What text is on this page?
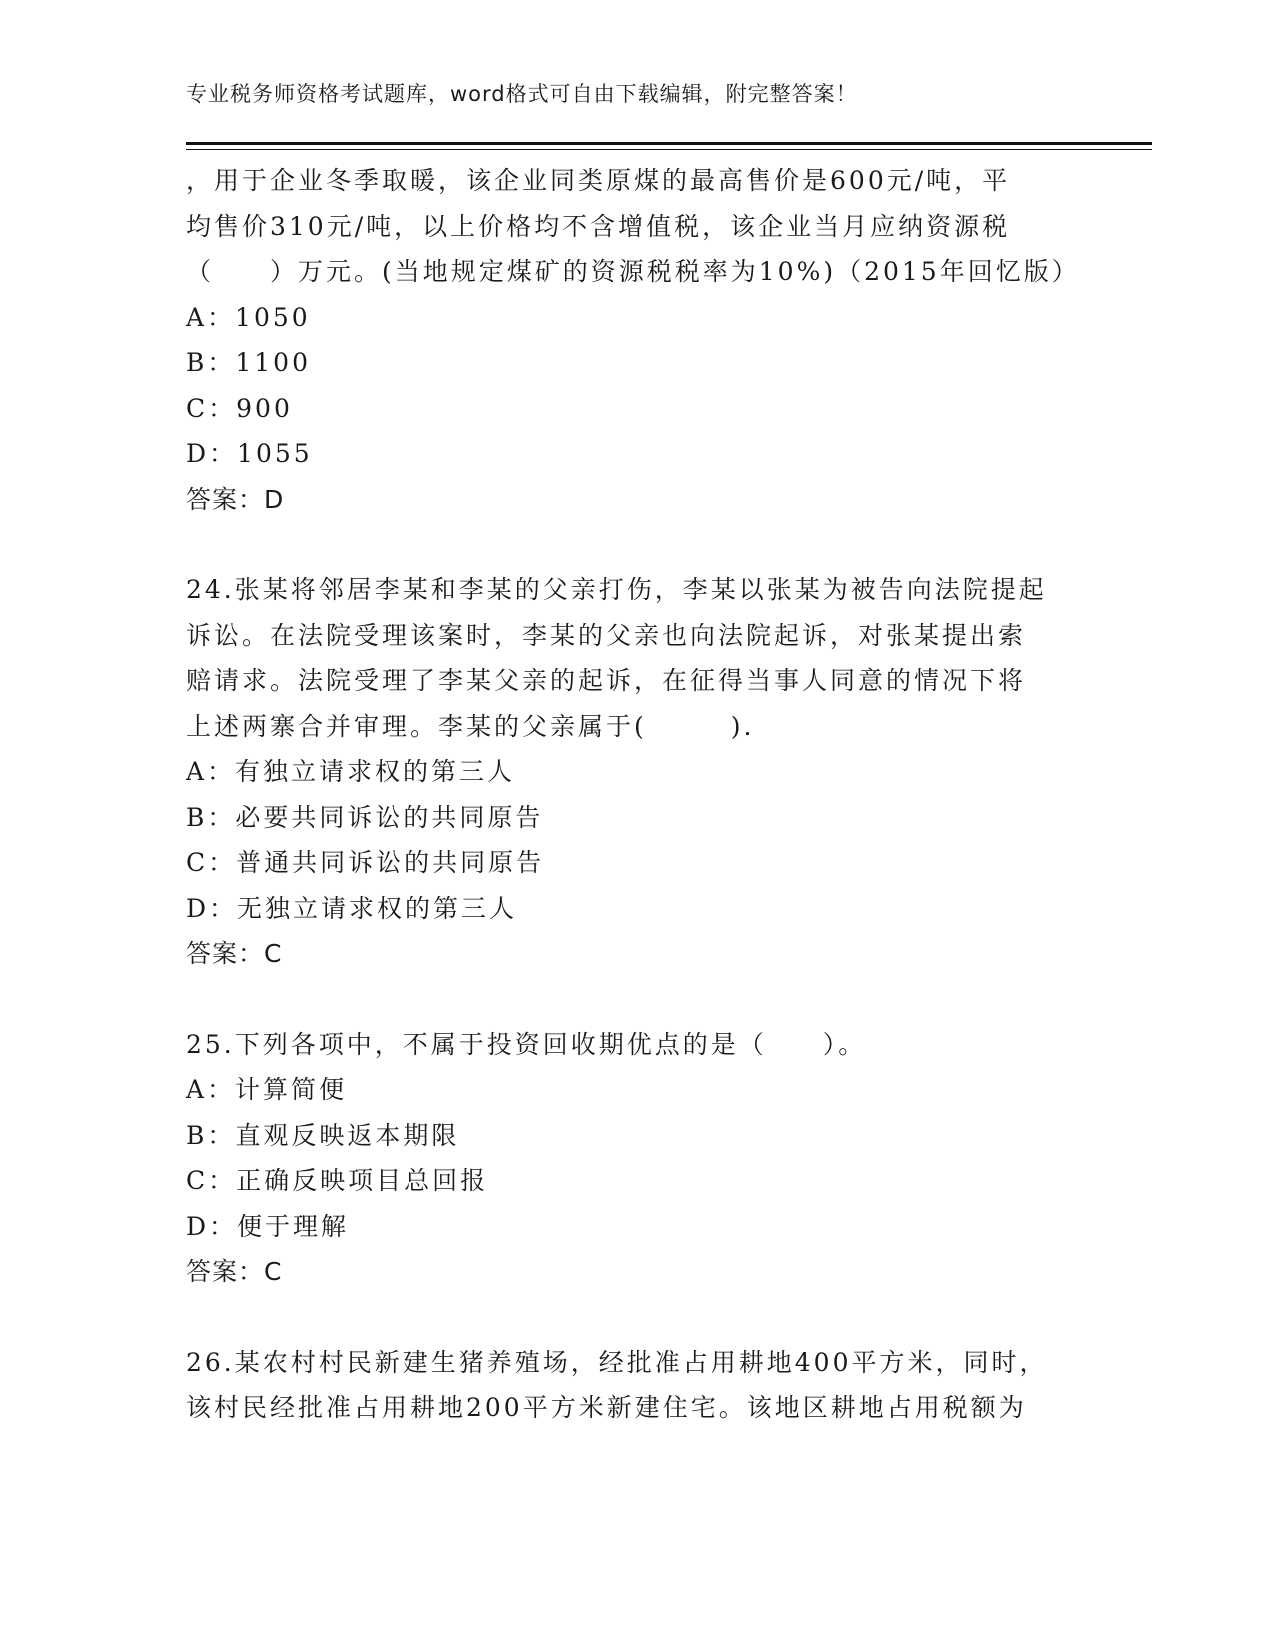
专业税务师资格考试题库，word格式可自由下载编辑，附完整答案！
，用于企业冬季取暖，该企业同类原煤的最高售价是600元/吨，平
均售价310元/吨，以上价格均不含增值税，该企业当月应纳资源税
（　　）万元。(当地规定煤矿的资源税税率为10%)（2015年回忆版）
A：1050
B：1100
C：900
D：1055
答案：D
24.张某将邻居李某和李某的父亲打伤，李某以张某为被告向法院提起
诉讼。在法院受理该案时，李某的父亲也向法院起诉，对张某提出索
赔请求。法院受理了李某父亲的起诉，在征得当事人同意的情况下将
上述两寨合并审理。李某的父亲属于(　　　).
A：有独立请求权的第三人
B：必要共同诉讼的共同原告
C：普通共同诉讼的共同原告
D：无独立请求权的第三人
答案：C
25.下列各项中，不属于投资回收期优点的是（　　）。
A：计算简便
B：直观反映返本期限
C：正确反映项目总回报
D：便于理解
答案：C
26.某农村村民新建生猪养殖场，经批准占用耕地400平方米，同时，
该村民经批准占用耕地200平方米新建住宅。该地区耕地占用税额为
